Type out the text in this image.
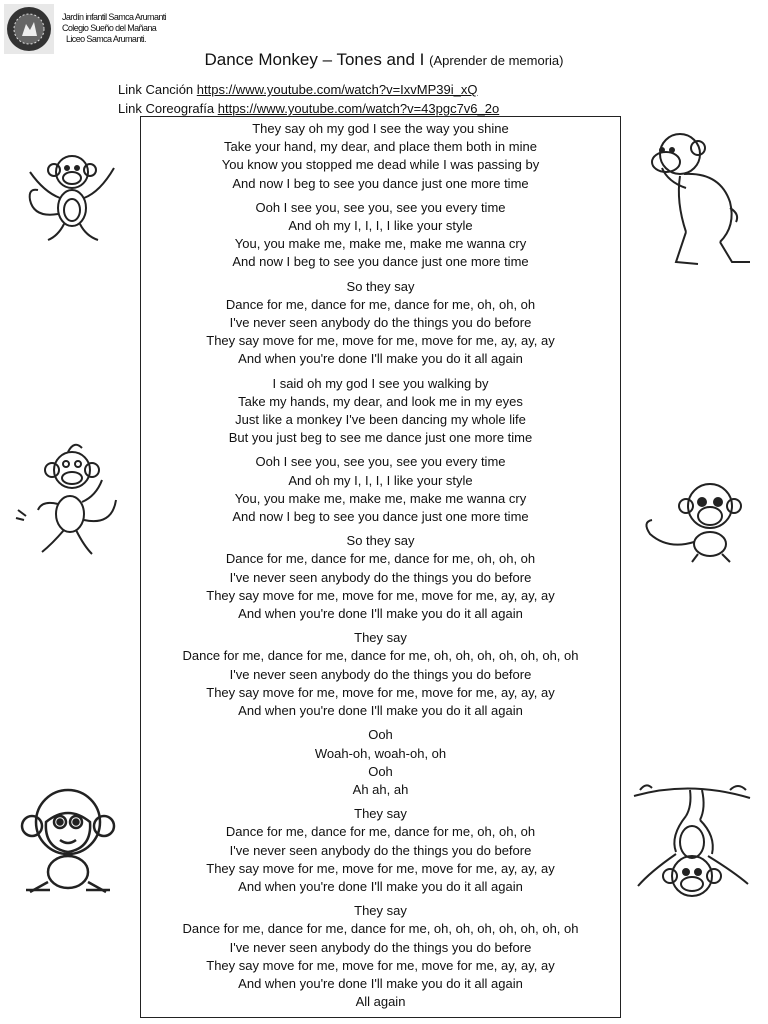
Jardín infantil Samca Arumanti
Colegio Sueño del Mañana
Liceo Samca Arumanti.
Dance Monkey – Tones and I (Aprender de memoria)
Link Canción https://www.youtube.com/watch?v=IxvMP39i_xQ
Link Coreografía https://www.youtube.com/watch?v=43pgc7v6_2o
They say oh my god I see the way you shine
Take your hand, my dear, and place them both in mine
You know you stopped me dead while I was passing by
And now I beg to see you dance just one more time
Ooh I see you, see you, see you every time
And oh my I, I, I, I like your style
You, you make me, make me, make me wanna cry
And now I beg to see you dance just one more time
So they say
Dance for me, dance for me, dance for me, oh, oh, oh
I've never seen anybody do the things you do before
They say move for me, move for me, move for me, ay, ay, ay
And when you're done I'll make you do it all again
I said oh my god I see you walking by
Take my hands, my dear, and look me in my eyes
Just like a monkey I've been dancing my whole life
But you just beg to see me dance just one more time
Ooh I see you, see you, see you every time
And oh my I, I, I, I like your style
You, you make me, make me, make me wanna cry
And now I beg to see you dance just one more time
So they say
Dance for me, dance for me, dance for me, oh, oh, oh
I've never seen anybody do the things you do before
They say move for me, move for me, move for me, ay, ay, ay
And when you're done I'll make you do it all again
They say
Dance for me, dance for me, dance for me, oh, oh, oh, oh, oh, oh, oh
I've never seen anybody do the things you do before
They say move for me, move for me, move for me, ay, ay, ay
And when you're done I'll make you do it all again
Ooh
Woah-oh, woah-oh, oh
Ooh
Ah ah, ah
They say
Dance for me, dance for me, dance for me, oh, oh, oh
I've never seen anybody do the things you do before
They say move for me, move for me, move for me, ay, ay, ay
And when you're done I'll make you do it all again
They say
Dance for me, dance for me, dance for me, oh, oh, oh, oh, oh, oh, oh
I've never seen anybody do the things you do before
They say move for me, move for me, move for me, ay, ay, ay
And when you're done I'll make you do it all again
All again
